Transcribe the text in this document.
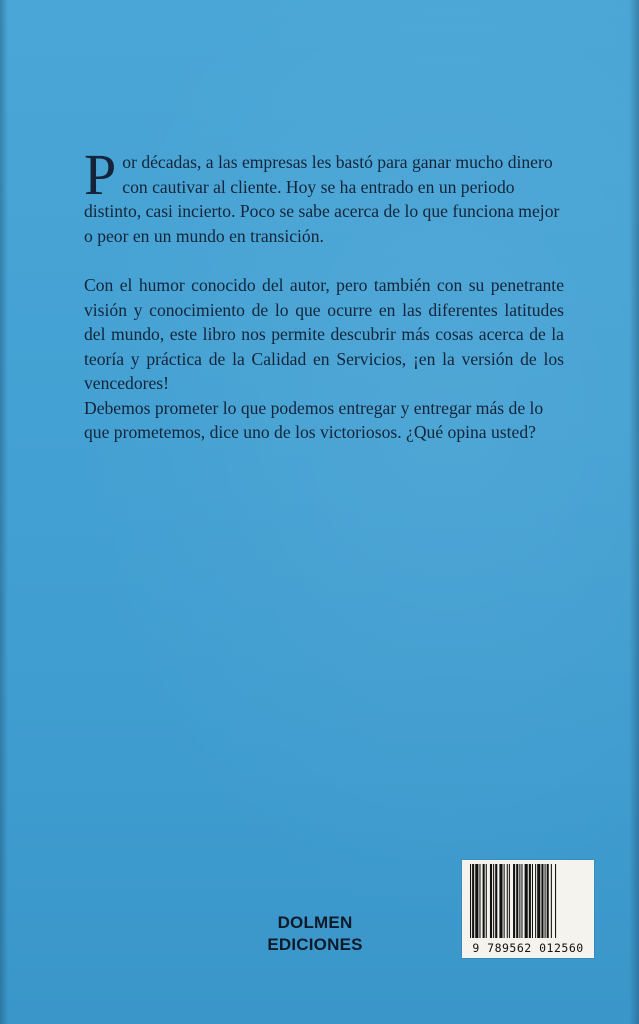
Por décadas, a las empresas les bastó para ganar mucho dinero con cautivar al cliente. Hoy se ha entrado en un periodo distinto, casi incierto. Poco se sabe acerca de lo que funciona mejor o peor en un mundo en transición.

Con el humor conocido del autor, pero también con su penetrante visión y conocimiento de lo que ocurre en las diferentes latitudes del mundo, este libro nos permite descubrir más cosas acerca de la teoría y práctica de la Calidad en Servicios, ¡en la versión de los vencedores!

Debemos prometer lo que podemos entregar y entregar más de lo que prometemos, dice uno de los victoriosos. ¿Qué opina usted?

DOLMEN
EDICIONES	9 789562 012560
